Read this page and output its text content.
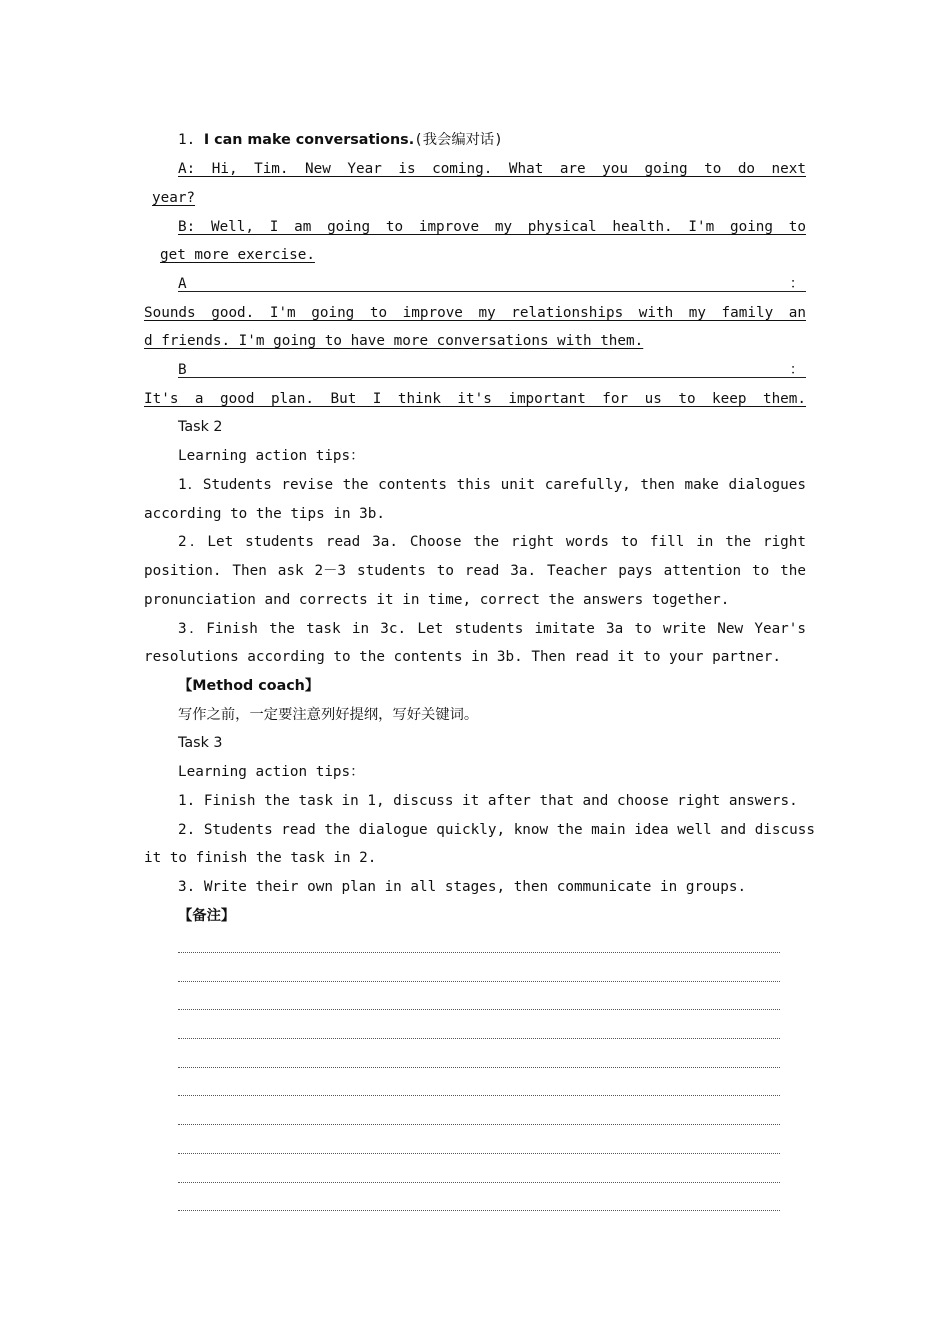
1. I can make conversations.(我会编对话)
A: Hi, Tim. New Year is coming. What are you going to do next
year?
B: Well, I am going to improve my physical health. I'm going to
get more exercise.
A	：
Sounds good. I'm going to improve my relationships with my family an
d friends. I'm going to have more conversations with them.
B	：
It's a good plan. But I think it's important for us to keep them.
Task 2
Learning action tips：
1．Students revise the contents this unit carefully, then make dialogues
according to the tips in 3b.
2．Let students read 3a. Choose the right words to fill in the right
position. Then ask 2－3 students to read 3a. Teacher pays attention to the
pronunciation and corrects it in time, correct the answers together.
3．Finish the task in 3c. Let students imitate 3a to write New Year's
resolutions according to the contents in 3b. Then read it to your partner.
【Method coach】
写作之前，一定要注意列好提纲，写好关键词。
Task 3
Learning action tips：
1. Finish the task in 1, discuss it after that and choose right answers.
2. Students read the dialogue quickly, know the main idea well and discuss
it to finish the task in 2.
3. Write their own plan in all stages, then communicate in groups.
【备注】
